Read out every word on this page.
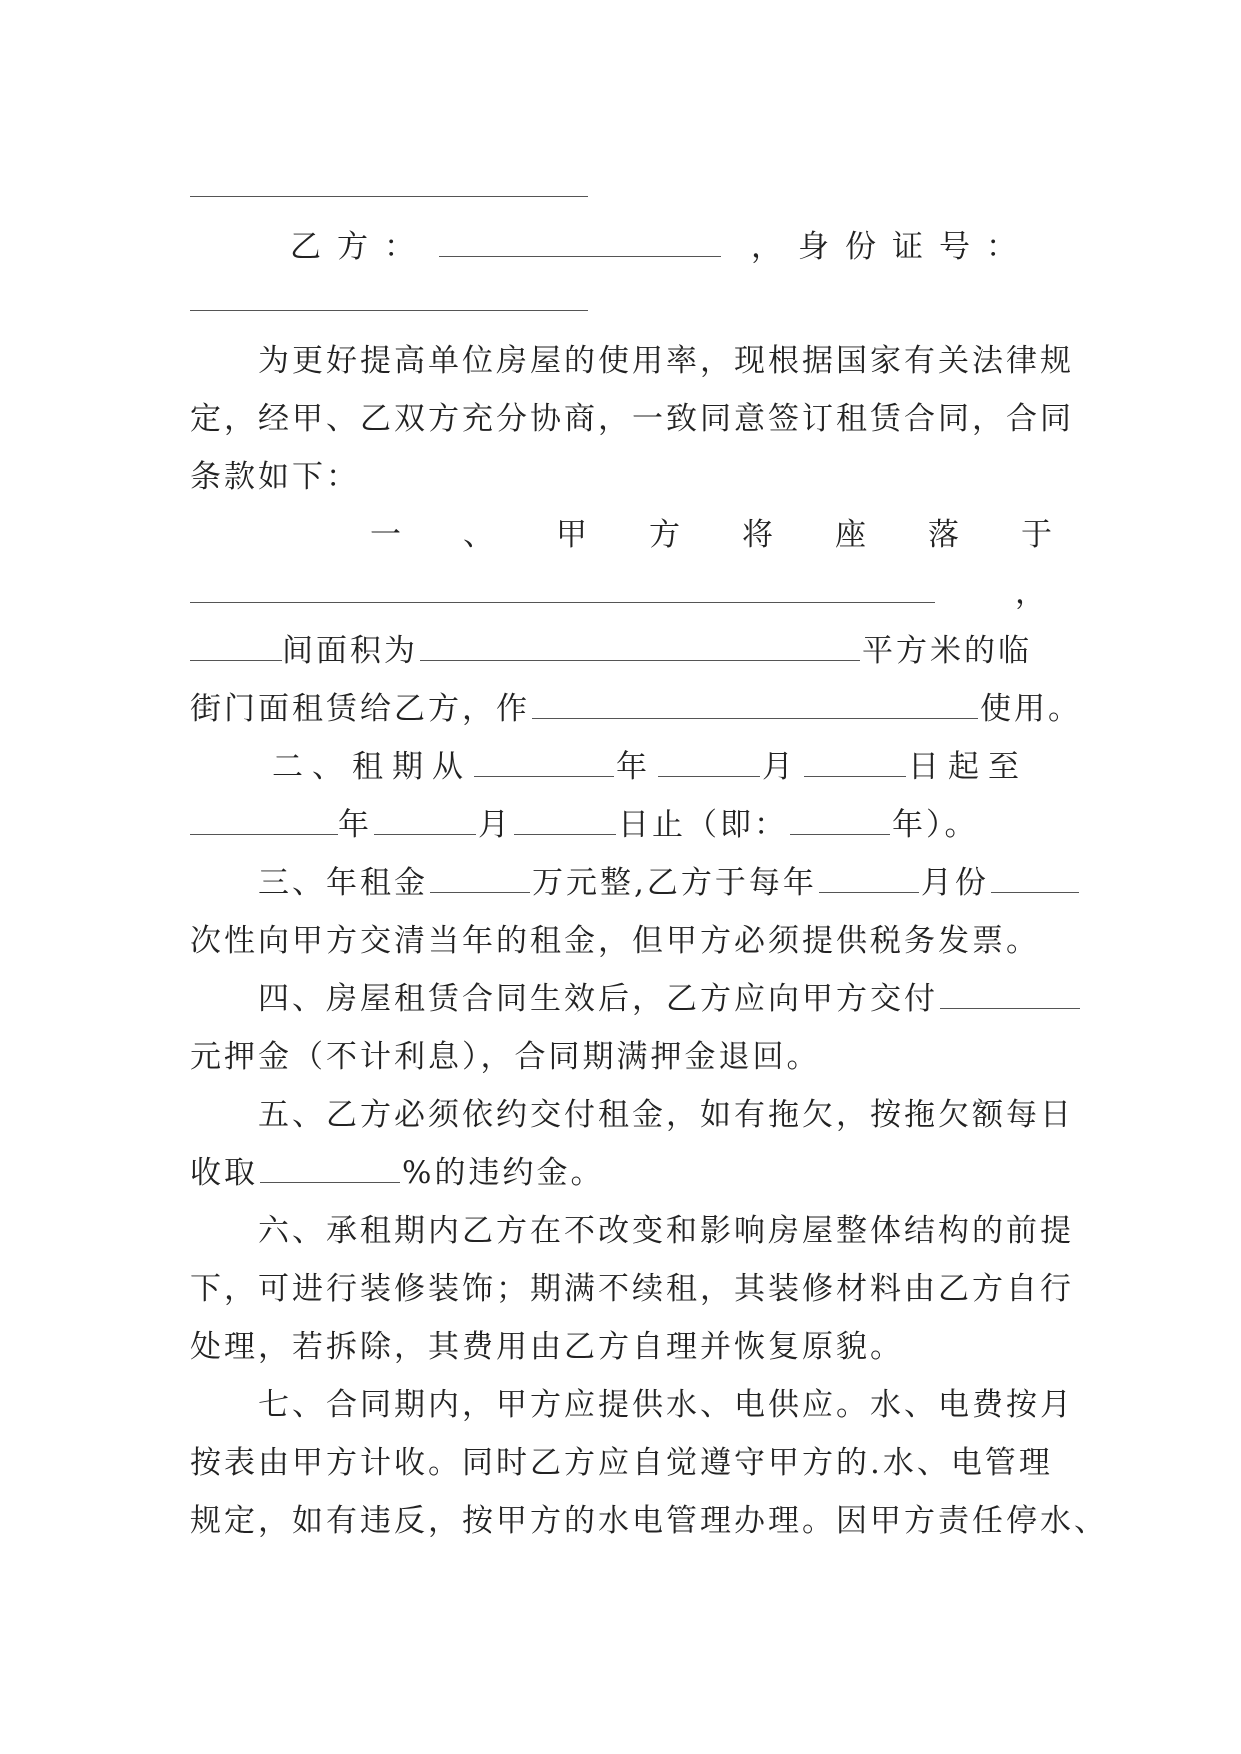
乙方：	，身份证号：
为更好提高单位房屋的使用率，现根据国家有关法律规
定，经甲、乙双方充分协商，一致同意签订租赁合同，合同
条款如下：
一 、 甲 方 将 座 落 于
，
间面积为	平方米的临
街门面租赁给乙方，作	使用。
二、租期从	年	月	日起至
年	月	日止（即：	年）。
三、年租金	万元整,乙方于每年	月份
次性向甲方交清当年的租金，但甲方必须提供税务发票。
四、房屋租赁合同生效后，乙方应向甲方交付
元押金（不计利息），合同期满押金退回。
五、乙方必须依约交付租金，如有拖欠，按拖欠额每日
收取	%的违约金。
六、承租期内乙方在不改变和影响房屋整体结构的前提
下，可进行装修装饰；期满不续租，其装修材料由乙方自行
处理，若拆除，其费用由乙方自理并恢复原貌。
七、合同期内，甲方应提供水、电供应。水、电费按月
按表由甲方计收。同时乙方应自觉遵守甲方的.水、电管理
规定，如有违反，按甲方的水电管理办理。因甲方责任停水、
